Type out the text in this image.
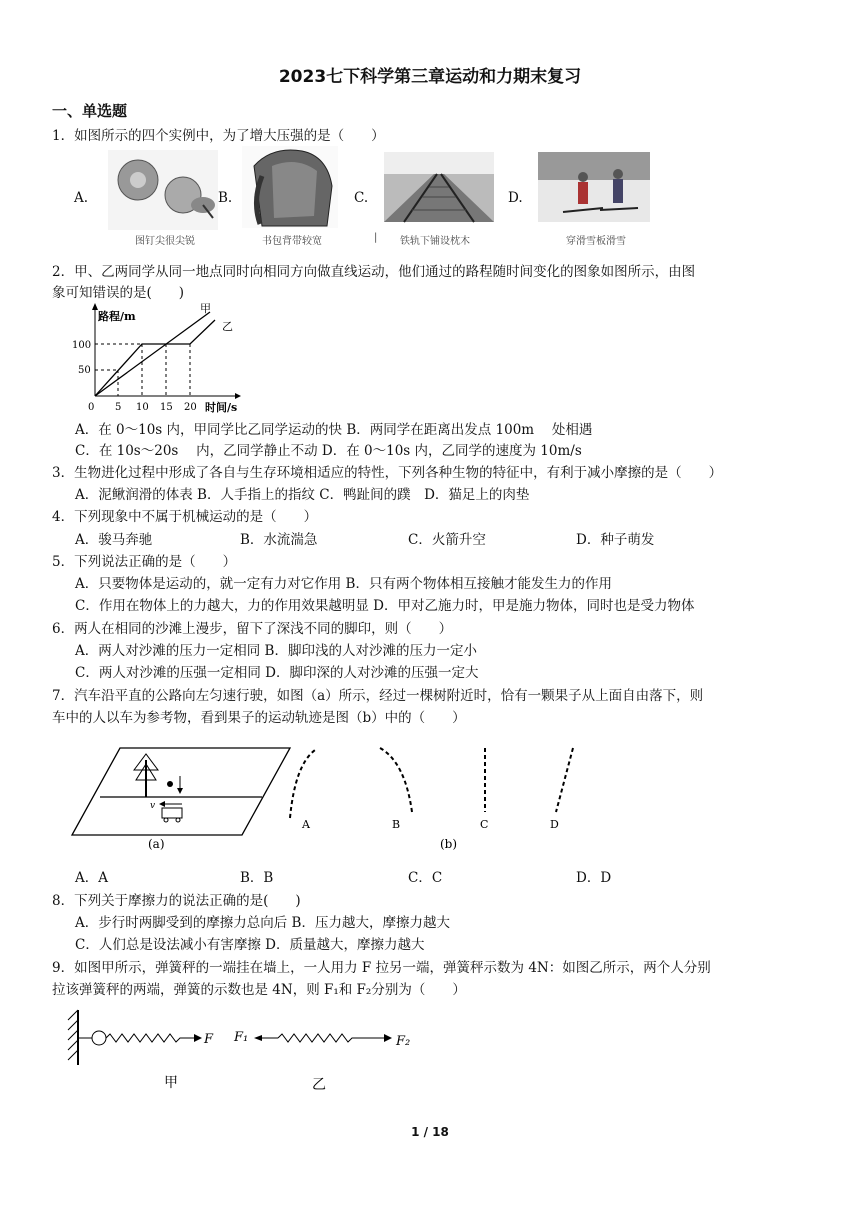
2023七下科学第三章运动和力期末复习
一、单选题
1．如图所示的四个实例中，为了增大压强的是（　　）
A.	B.	C.	D.
图钉尖很尖锐	书包背带较宽	| 铁轨下铺设枕木	穿滑雪板滑雪
2．甲、乙两同学从同一地点同时向相同方向做直线运动，他们通过的路程随时间变化的图象如图所示，由图
象可知错误的是(　　)
路程/m
时间/s
100
50
0 5 10 15 20
甲
乙
A．在 0～10s 内，甲同学比乙同学运动的快 B．两同学在距离出发点 100m　 处相遇
C．在 10s～20s　 内，乙同学静止不动 D．在 0～10s 内，乙同学的速度为 10m/s
3．生物进化过程中形成了各自与生存环境相适应的特性，下列各种生物的特征中，有利于减小摩擦的是（　　）
A．泥鳅润滑的体表 B．人手指上的指纹 C．鸭趾间的蹼　D．猫足上的肉垫
4．下列现象中不属于机械运动的是（　　）
A．骏马奔驰	B．水流湍急	C．火箭升空	D．种子萌发
5．下列说法正确的是（　　）
A．只要物体是运动的，就一定有力对它作用 B．只有两个物体相互接触才能发生力的作用
C．作用在物体上的力越大，力的作用效果越明显 D．甲对乙施力时，甲是施力物体，同时也是受力物体
6．两人在相同的沙滩上漫步，留下了深浅不同的脚印，则（　　）
A．两人对沙滩的压力一定相同 B．脚印浅的人对沙滩的压力一定小
C．两人对沙滩的压强一定相同 D．脚印深的人对沙滩的压强一定大
7．汽车沿平直的公路向左匀速行驶，如图（a）所示，经过一棵树附近时，恰有一颗果子从上面自由落下，则
车中的人以车为参考物，看到果子的运动轨迹是图（b）中的（　　）
v
(a)
A	B	C	D
(b)
A．A	B．B	C．C	D．D
8．下列关于摩擦力的说法正确的是(　　)
A．步行时两脚受到的摩擦力总向后 B．压力越大，摩擦力越大
C．人们总是设法减小有害摩擦 D．质量越大，摩擦力越大
9．如图甲所示，弹簧秤的一端挂在墙上，一人用力 F 拉另一端，弹簧秤示数为 4N：如图乙所示，两个人分别
拉该弹簧秤的两端，弹簧的示数也是 4N，则 F₁和 F₂分别为（　　）
F F₁	F₂
甲	乙
1 / 18
